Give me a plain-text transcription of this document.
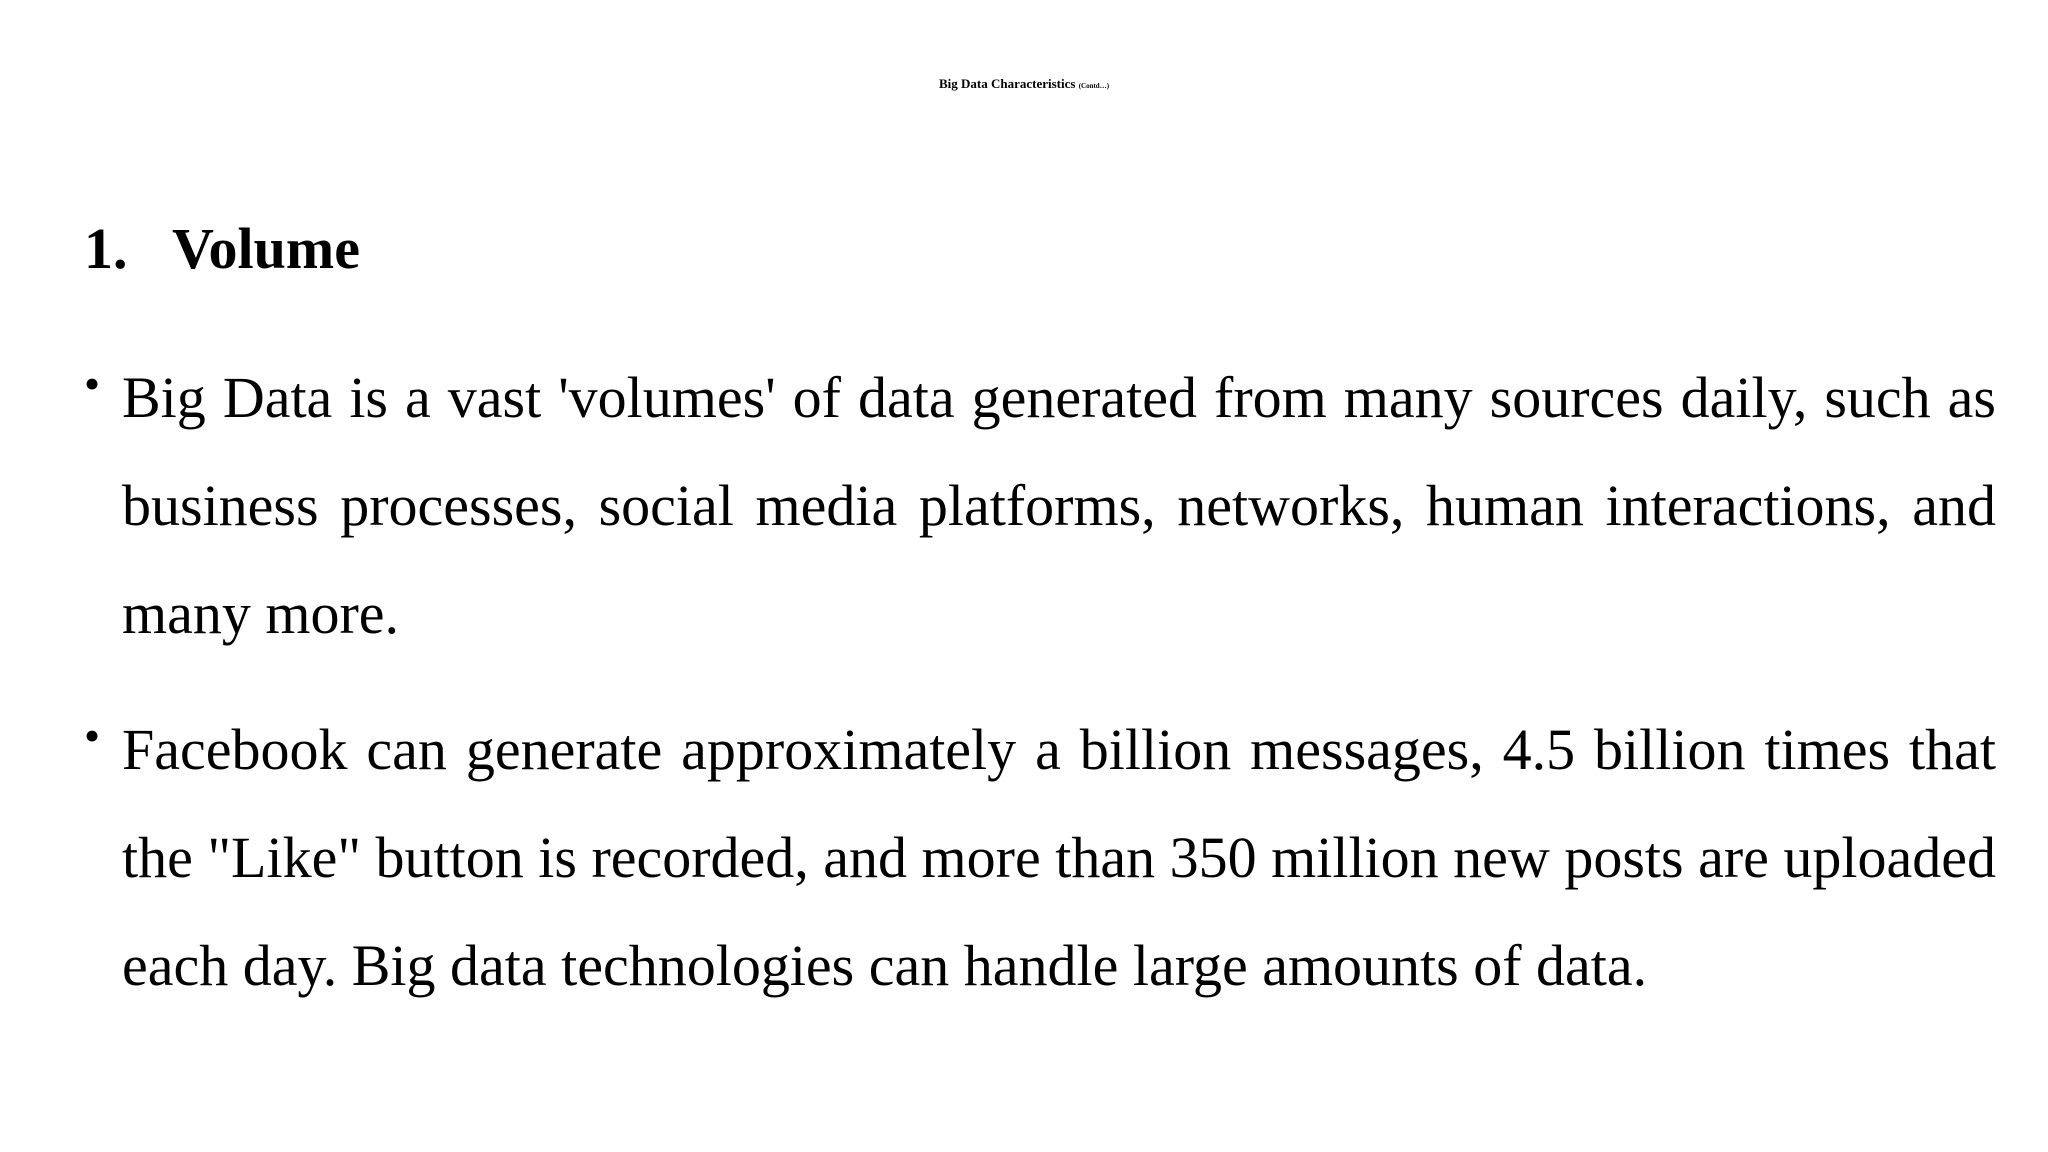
Big Data Characteristics (Contd…)
1. Volume
• Big Data is a vast 'volumes' of data generated from many sources daily, such as business processes, social media platforms, networks, human interactions, and many more.
• Facebook can generate approximately a billion messages, 4.5 billion times that the "Like" button is recorded, and more than 350 million new posts are uploaded each day. Big data technologies can handle large amounts of data.
